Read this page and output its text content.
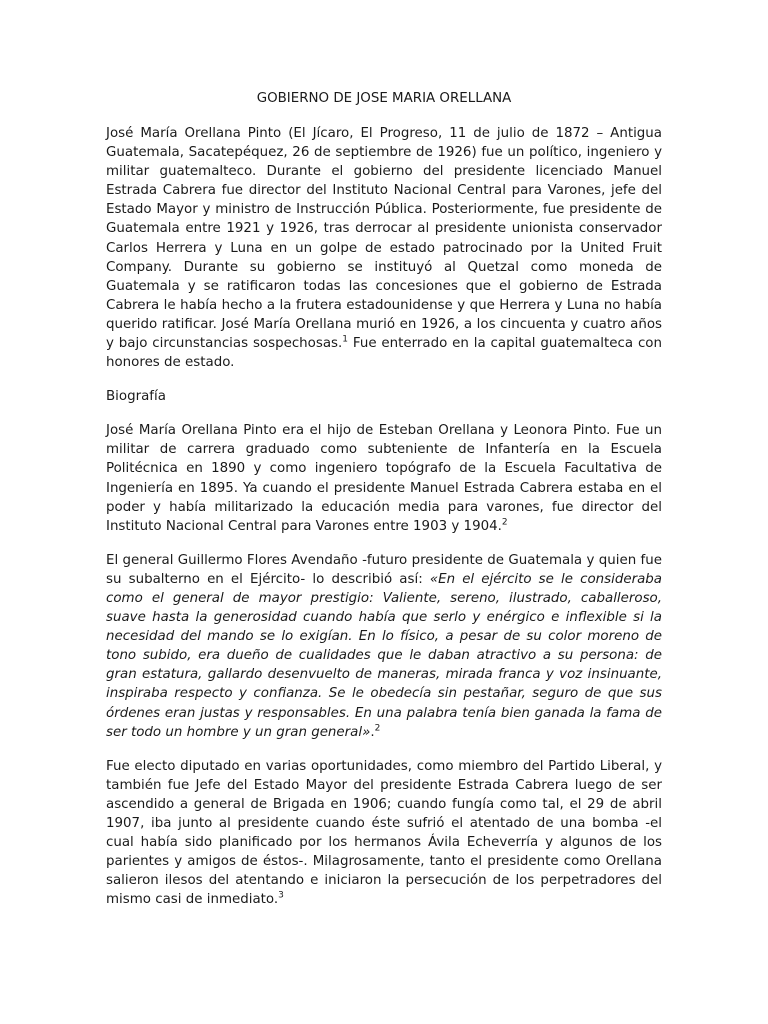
GOBIERNO DE JOSE MARIA ORELLANA

José María Orellana Pinto (El Jícaro, El Progreso, 11 de julio de 1872 – Antigua Guatemala, Sacatepéquez, 26 de septiembre de 1926) fue un político, ingeniero y militar guatemalteco. Durante el gobierno del presidente licenciado Manuel Estrada Cabrera fue director del Instituto Nacional Central para Varones, jefe del Estado Mayor y ministro de Instrucción Pública. Posteriormente, fue presidente de Guatemala entre 1921 y 1926, tras derrocar al presidente unionista conservador Carlos Herrera y Luna en un golpe de estado patrocinado por la United Fruit Company. Durante su gobierno se instituyó al Quetzal como moneda de Guatemala y se ratificaron todas las concesiones que el gobierno de Estrada Cabrera le había hecho a la frutera estadounidense y que Herrera y Luna no había querido ratificar. José María Orellana murió en 1926, a los cincuenta y cuatro años y bajo circunstancias sospechosas.$^1$ Fue enterrado en la capital guatemalteca con honores de estado.

Biografía

José María Orellana Pinto era el hijo de Esteban Orellana y Leonora Pinto. Fue un militar de carrera graduado como subteniente de Infantería en la Escuela Politécnica en 1890 y como ingeniero topógrafo de la Escuela Facultativa de Ingeniería en 1895. Ya cuando el presidente Manuel Estrada Cabrera estaba en el poder y había militarizado la educación media para varones, fue director del Instituto Nacional Central para Varones entre 1903 y 1904.$^2$

El general Guillermo Flores Avendaño -futuro presidente de Guatemala y quien fue su subalterno en el Ejército- lo describió así: «En el ejército se le consideraba como el general de mayor prestigio: Valiente, sereno, ilustrado, caballeroso, suave hasta la generosidad cuando había que serlo y enérgico e inflexible si la necesidad del mando se lo exigían. En lo físico, a pesar de su color moreno de tono subido, era dueño de cualidades que le daban atractivo a su persona: de gran estatura, gallardo desenvuelto de maneras, mirada franca y voz insinuante, inspiraba respecto y confianza. Se le obedecía sin pestañar, seguro de que sus órdenes eran justas y responsables. En una palabra tenía bien ganada la fama de ser todo un hombre y un gran general».$^2$

Fue electo diputado en varias oportunidades, como miembro del Partido Liberal, y también fue Jefe del Estado Mayor del presidente Estrada Cabrera luego de ser ascendido a general de Brigada en 1906; cuando fungía como tal, el 29 de abril 1907, iba junto al presidente cuando éste sufrió el atentado de una bomba -el cual había sido planificado por los hermanos Ávila Echeverría y algunos de los parientes y amigos de éstos-. Milagrosamente, tanto el presidente como Orellana salieron ilesos del atentando e iniciaron la persecución de los perpetradores del mismo casi de inmediato.$^3$
